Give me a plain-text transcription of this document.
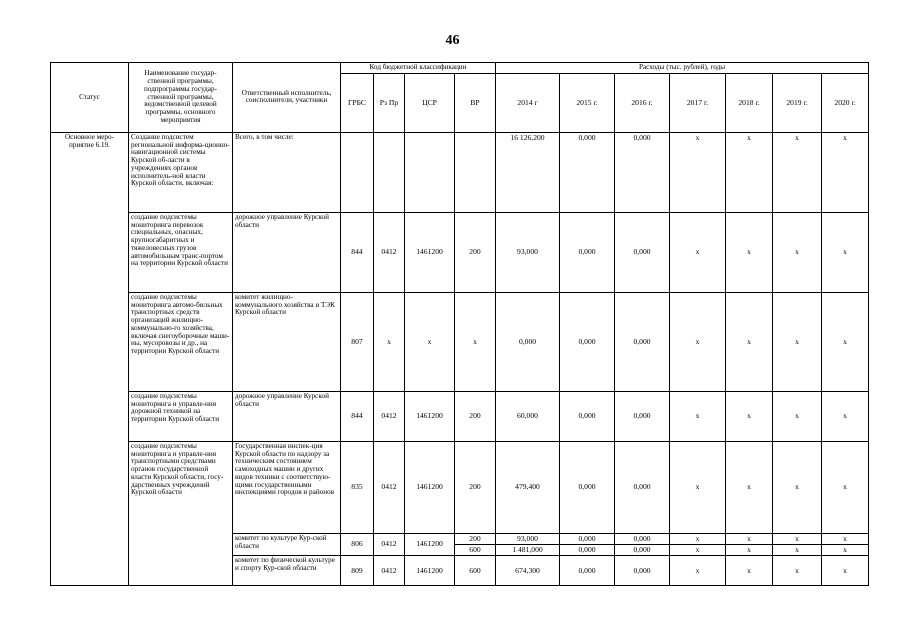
46
Статус	Наименование государ-ственной программы, подпрограммы государ-ственной программы, ведомственной целевой программы, основного мероприятия	Ответственный исполнитель, соисполнители, участники	Код бюджетной классификации				Расходы (тыс. рублей), годы						
			ГРБС	Рз Пр	ЦСР	ВР	2014 г	2015 г.	2016 г.	2017 г.	2018 г.	2019 г.	2020 г.
Основное меро-приятие 6.19.	Создание подсистем региональной информа-ционно-навигационной системы Курской об-ласти в учреждениях органов исполнитель-ной власти Курской области, включая:	Всего, в том числе:					16 126,200	0,000	0,000	x	x	x	x
	создание подсистемы мониторинга перевозок специальных, опасных, крупногабаритных и тяжеловесных грузов автомобильным транс-портом на территории Курской области	дорожное управление Курской области	844	0412	1461200	200	93,000	0,000	0,000	x	x	x	x
	создание подсистемы мониторинга автомо-бильных транспортных средств организаций жилищно-коммунально-го хозяйства, включая снегоуборочные маши-ны, мусоровозы и др., на территории Курской области	комитет жилищно-коммунального хозяйства и ТЭК Курской области	807	x	x	x	0,000	0,000	0,000	x	x	x	x
	создание подсистемы мониторинга и управле-ния дорожной техникой на территории Курской области	дорожное управление Курской области	844	0412	1461200	200	60,000	0,000	0,000	x	x	x	x
	создание подсистемы мониторинга и управле-ния транспортными средствами органов государственной власти Курской области, госу-дарственных учреждений Курской области	Государственная инспек-ция Курской области по надзору за техническим состоянием самоходных машин и других видов техники с соответствую-щими государственными инспекциями городов и районов	835	0412	1461200	200	479,400	0,000	0,000	x	x	x	x
		комитет по культуре Кур-ской области	806	0412	1461200	200	93,000	0,000	0,000	x	x	x	x
						600	1 481,000	0,000	0,000	x	x	x	x
		комитет по физической культуре и спорту Кур-ской области	809	0412	1461200	600	674,300	0,000	0,000	x	x	x	x
